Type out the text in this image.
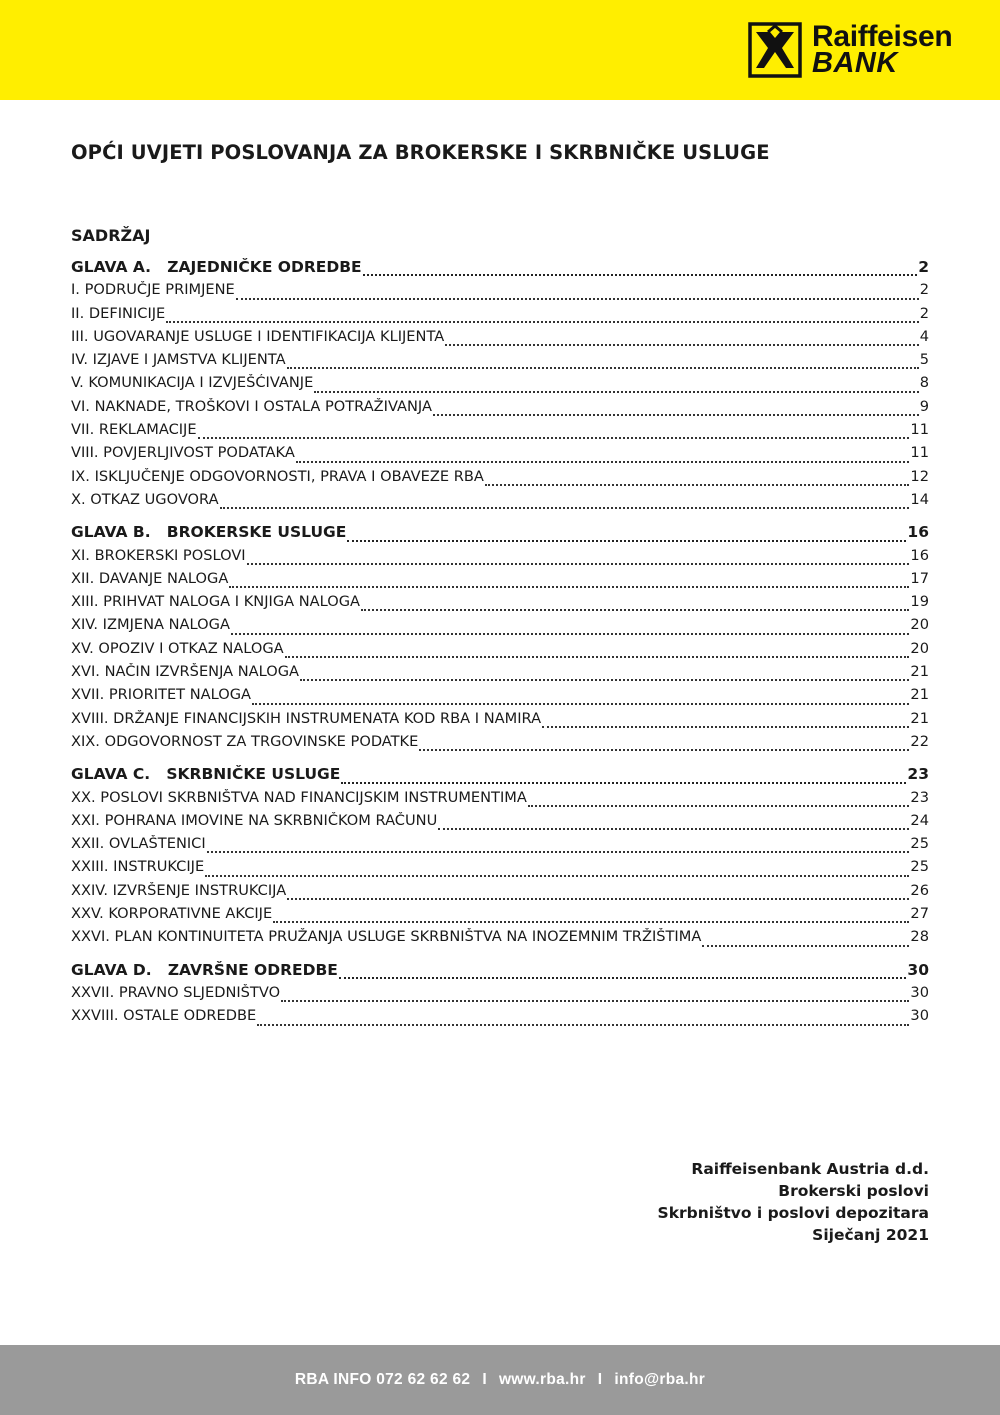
Raiffeisen
BANK
OPĆI UVJETI POSLOVANJA ZA BROKERSKE I SKRBNIČKE USLUGE
SADRŽAJ
GLAVA A.   ZAJEDNIČKE ODREDBE	2
I. PODRUČJE PRIMJENE	2
II. DEFINICIJE	2
III. UGOVARANJE USLUGE I IDENTIFIKACIJA KLIJENTA	4
IV. IZJAVE I JAMSTVA KLIJENTA	5
V. KOMUNIKACIJA I IZVJEŠĆIVANJE	8
VI. NAKNADE, TROŠKOVI I OSTALA POTRAŽIVANJA	9
VII. REKLAMACIJE	11
VIII. POVJERLJIVOST PODATAKA	11
IX. ISKLJUČENJE ODGOVORNOSTI, PRAVA I OBAVEZE RBA	12
X. OTKAZ UGOVORA	14
GLAVA B.   BROKERSKE USLUGE	16
XI. BROKERSKI POSLOVI	16
XII. DAVANJE NALOGA	17
XIII. PRIHVAT NALOGA I KNJIGA NALOGA	19
XIV. IZMJENA NALOGA	20
XV. OPOZIV I OTKAZ NALOGA	20
XVI. NAČIN IZVRŠENJA NALOGA	21
XVII. PRIORITET NALOGA	21
XVIII. DRŽANJE FINANCIJSKIH INSTRUMENATA KOD RBA I NAMIRA	21
XIX. ODGOVORNOST ZA TRGOVINSKE PODATKE	22
GLAVA C.   SKRBNIČKE USLUGE	23
XX. POSLOVI SKRBNIŠTVA NAD FINANCIJSKIM INSTRUMENTIMA	23
XXI. POHRANA IMOVINE NA SKRBNIČKOM RAČUNU	24
XXII. OVLAŠTENICI	25
XXIII. INSTRUKCIJE	25
XXIV. IZVRŠENJE INSTRUKCIJA	26
XXV. KORPORATIVNE AKCIJE	27
XXVI. PLAN KONTINUITETA PRUŽANJA USLUGE SKRBNIŠTVA NA INOZEMNIM TRŽIŠTIMA	28
GLAVA D.   ZAVRŠNE ODREDBE	30
XXVII. PRAVNO SLJEDNIŠTVO	30
XXVIII. OSTALE ODREDBE	30
Raiffeisenbank Austria d.d.
Brokerski poslovi
Skrbništvo i poslovi depozitara
Siječanj 2021
RBA INFO 072 62 62 62 I www.rba.hr I info@rba.hr
